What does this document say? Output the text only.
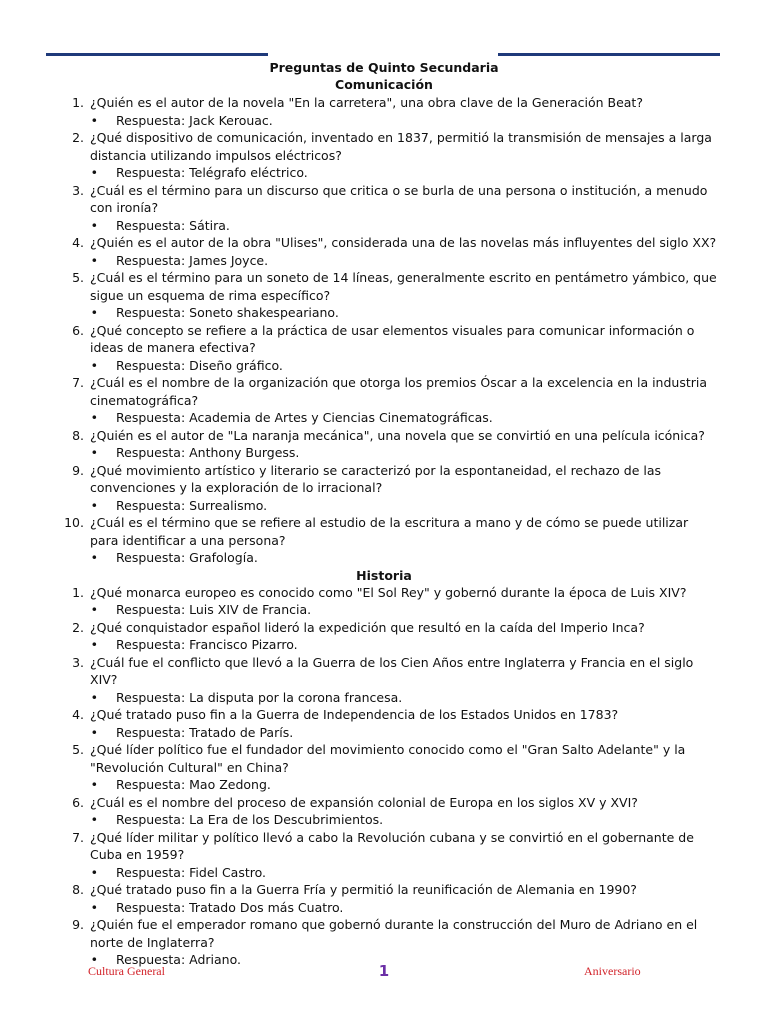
Preguntas de Quinto Secundaria
Comunicación
1. ¿Quién es el autor de la novela "En la carretera", una obra clave de la Generación Beat?
•	Respuesta: Jack Kerouac.
2. ¿Qué dispositivo de comunicación, inventado en 1837, permitió la transmisión de mensajes a larga distancia utilizando impulsos eléctricos?
•	Respuesta: Telégrafo eléctrico.
3. ¿Cuál es el término para un discurso que critica o se burla de una persona o institución, a menudo con ironía?
•	Respuesta: Sátira.
4. ¿Quién es el autor de la obra "Ulises", considerada una de las novelas más influyentes del siglo XX?
•	Respuesta: James Joyce.
5. ¿Cuál es el término para un soneto de 14 líneas, generalmente escrito en pentámetro yámbico, que sigue un esquema de rima específico?
•	Respuesta: Soneto shakespeariano.
6. ¿Qué concepto se refiere a la práctica de usar elementos visuales para comunicar información o ideas de manera efectiva?
•	Respuesta: Diseño gráfico.
7. ¿Cuál es el nombre de la organización que otorga los premios Óscar a la excelencia en la industria cinematográfica?
•	Respuesta: Academia de Artes y Ciencias Cinematográficas.
8. ¿Quién es el autor de "La naranja mecánica", una novela que se convirtió en una película icónica?
•	Respuesta: Anthony Burgess.
9. ¿Qué movimiento artístico y literario se caracterizó por la espontaneidad, el rechazo de las convenciones y la exploración de lo irracional?
•	Respuesta: Surrealismo.
10. ¿Cuál es el término que se refiere al estudio de la escritura a mano y de cómo se puede utilizar para identificar a una persona?
•	Respuesta: Grafología.
Historia
1. ¿Qué monarca europeo es conocido como "El Sol Rey" y gobernó durante la época de Luis XIV?
•	Respuesta: Luis XIV de Francia.
2. ¿Qué conquistador español lideró la expedición que resultó en la caída del Imperio Inca?
•	Respuesta: Francisco Pizarro.
3. ¿Cuál fue el conflicto que llevó a la Guerra de los Cien Años entre Inglaterra y Francia en el siglo XIV?
•	Respuesta: La disputa por la corona francesa.
4. ¿Qué tratado puso fin a la Guerra de Independencia de los Estados Unidos en 1783?
•	Respuesta: Tratado de París.
5. ¿Qué líder político fue el fundador del movimiento conocido como el "Gran Salto Adelante" y la "Revolución Cultural" en China?
•	Respuesta: Mao Zedong.
6. ¿Cuál es el nombre del proceso de expansión colonial de Europa en los siglos XV y XVI?
•	Respuesta: La Era de los Descubrimientos.
7. ¿Qué líder militar y político llevó a cabo la Revolución cubana y se convirtió en el gobernante de Cuba en 1959?
•	Respuesta: Fidel Castro.
8. ¿Qué tratado puso fin a la Guerra Fría y permitió la reunificación de Alemania en 1990?
•	Respuesta: Tratado Dos más Cuatro.
9. ¿Quién fue el emperador romano que gobernó durante la construcción del Muro de Adriano en el norte de Inglaterra?
•	Respuesta: Adriano.
Cultura General	1	Aniversario
